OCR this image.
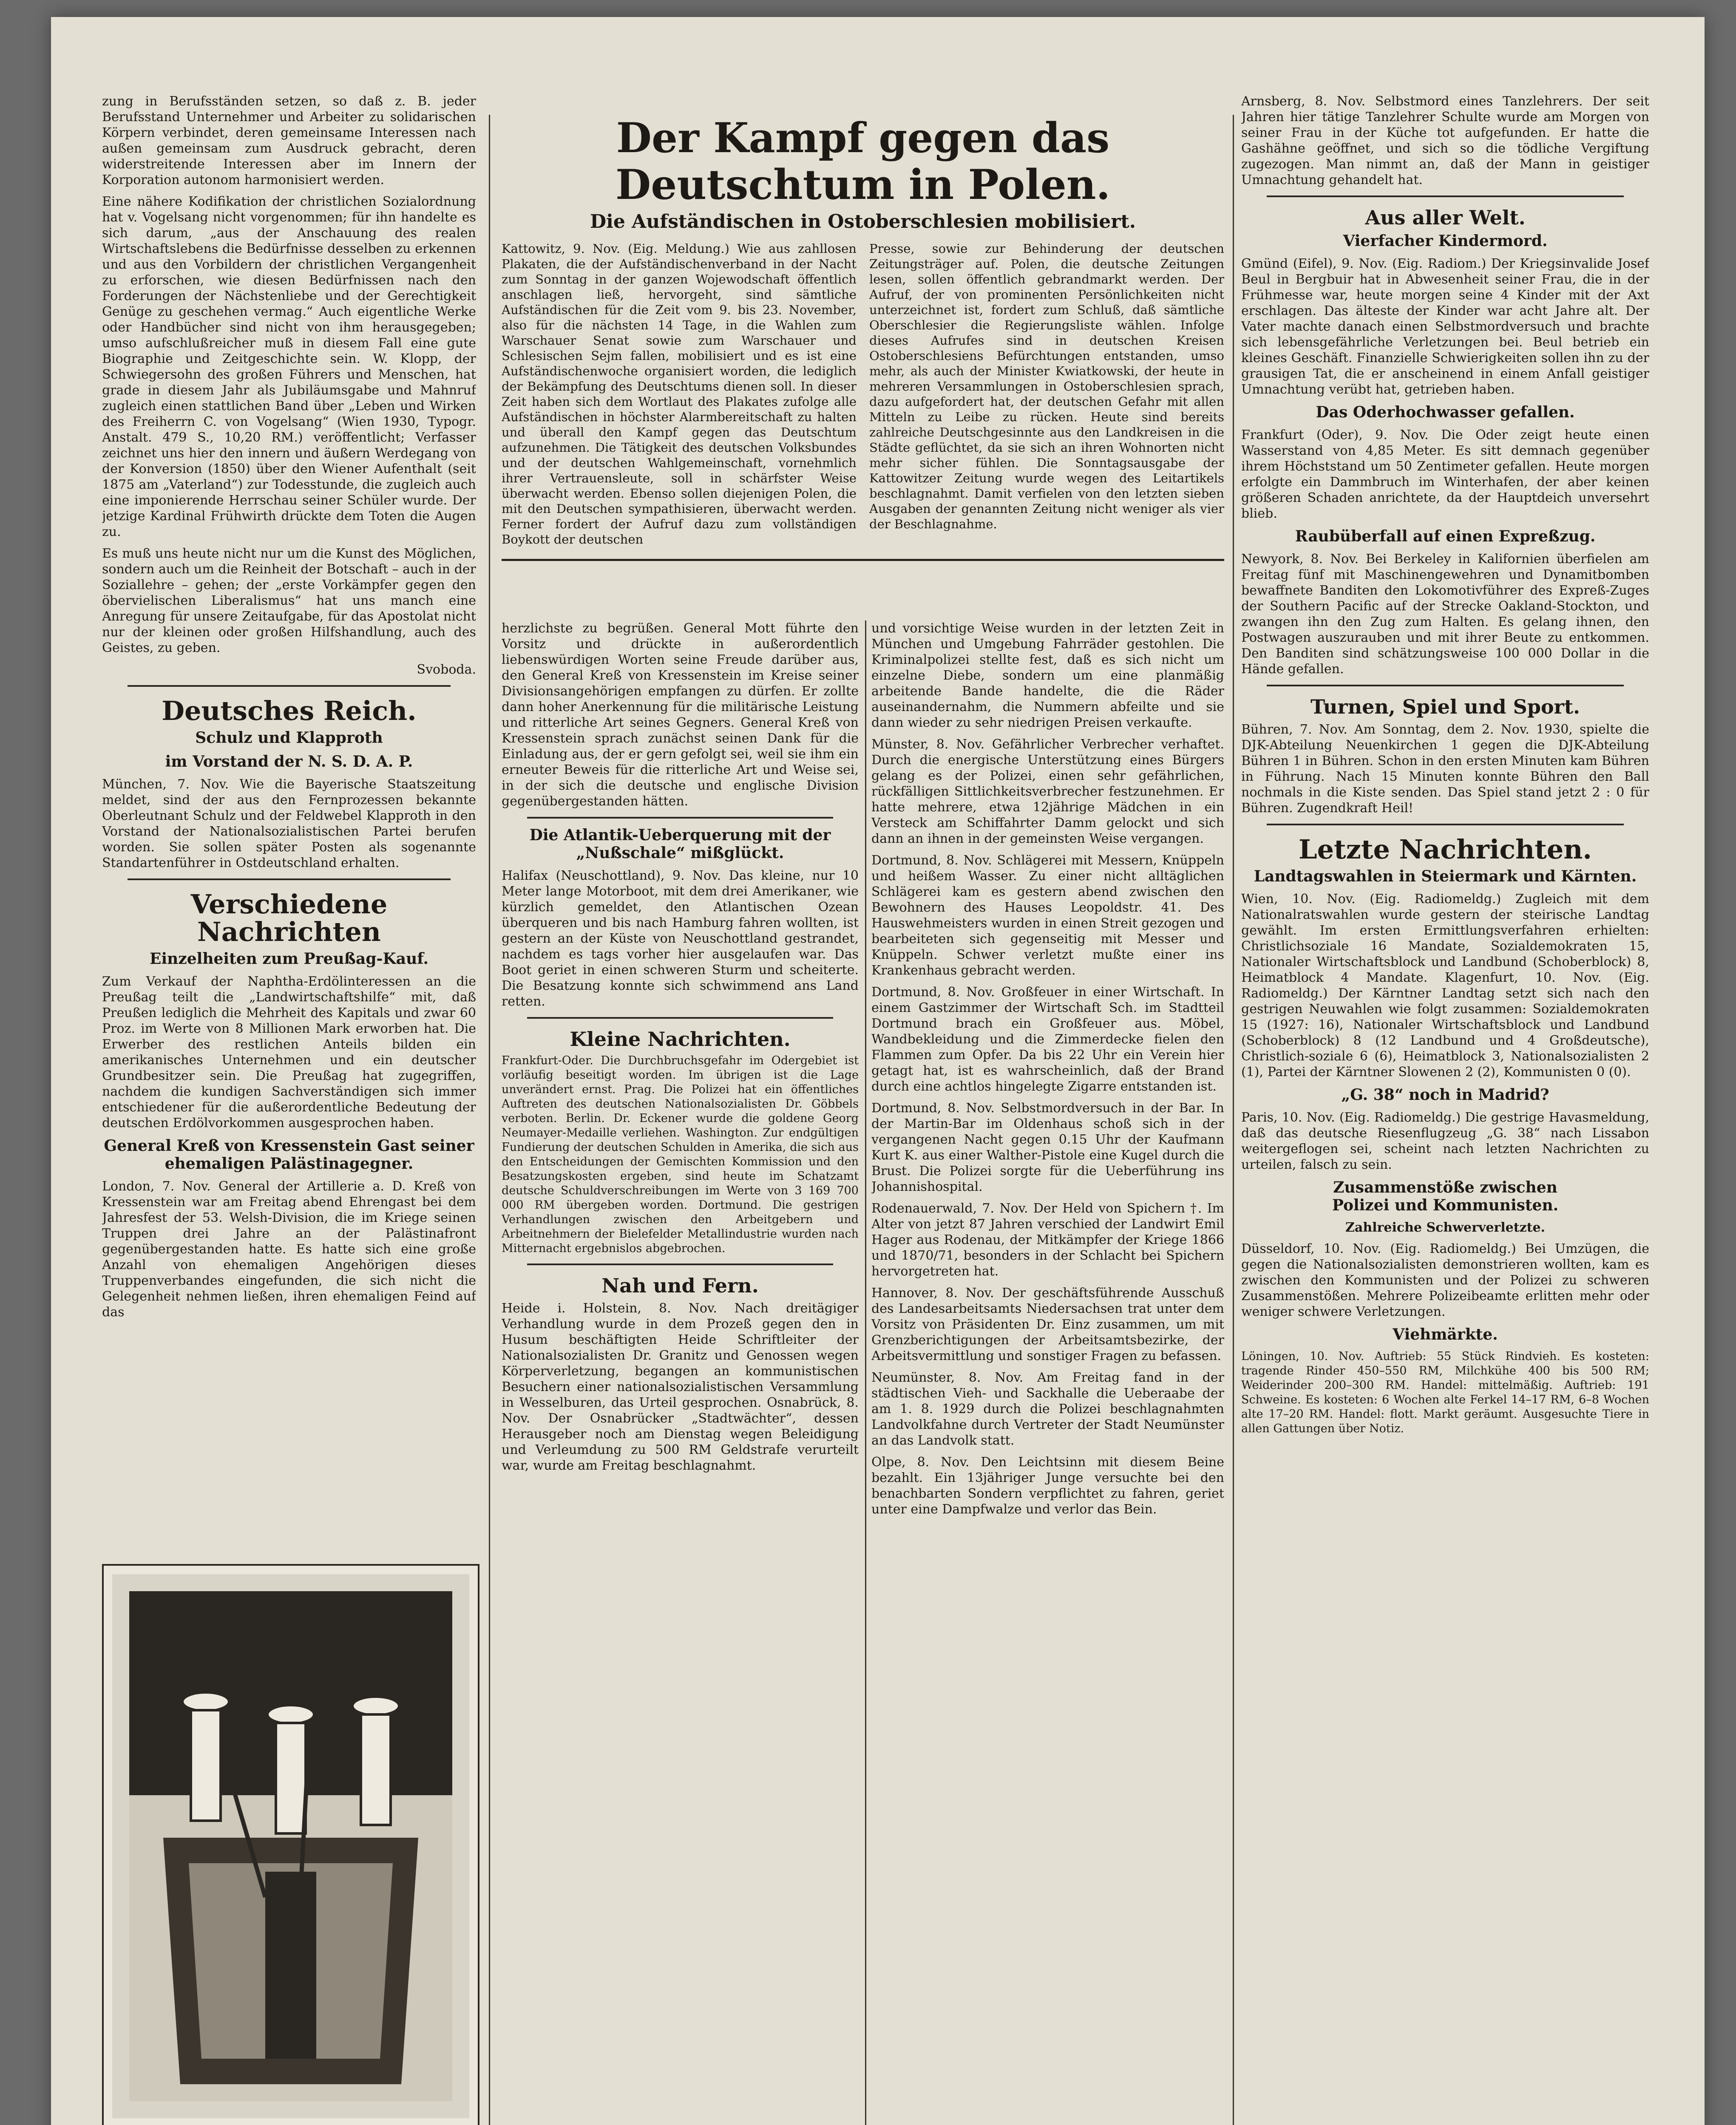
zung in Berufsständen setzen, so daß z. B. jeder Berufsstand Unternehmer und Arbeiter zu solidarischen Körpern verbindet, deren gemeinsame Interessen nach außen gemeinsam zum Ausdruck gebracht, deren widerstreitende Interessen aber im Innern der Korporation autonom harmonisiert werden.

Eine nähere Kodifikation der christlichen Sozialordnung hat v. Vogelsang nicht vorgenommen; für ihn handelte es sich darum, „aus der Anschauung des realen Wirtschaftslebens die Bedürfnisse desselben zu erkennen und aus den Vorbildern der christlichen Vergangenheit zu erforschen, wie diesen Bedürfnissen nach den Forderungen der Nächstenliebe und der Gerechtigkeit Genüge zu geschehen vermag.“ Auch eigentliche Werke oder Handbücher sind nicht von ihm herausgegeben; umso aufschlußreicher muß in diesem Fall eine gute Biographie und Zeitgeschichte sein. W. Klopp, der Schwiegersohn des großen Führers und Menschen, hat grade in diesem Jahr als Jubiläumsgabe und Mahnruf zugleich einen stattlichen Band über „Leben und Wirken des Freiherrn C. von Vogelsang“ (Wien 1930, Typogr. Anstalt. 479 S., 10,20 RM.) veröffentlicht; Verfasser zeichnet uns hier den innern und äußern Werdegang von der Konversion (1850) über den Wiener Aufenthalt (seit 1875 am „Vaterland“) zur Todesstunde, die zugleich auch eine imponierende Herrschau seiner Schüler wurde. Der jetzige Kardinal Frühwirth drückte dem Toten die Augen zu.

Es muß uns heute nicht nur um die Kunst des Möglichen, sondern auch um die Reinheit der Botschaft – auch in der Soziallehre – gehen; der „erste Vorkämpfer gegen den öbervielischen Liberalismus“ hat uns manch eine Anregung für unsere Zeitaufgabe, für das Apostolat nicht nur der kleinen oder großen Hilfshandlung, auch des Geistes, zu geben.

Svoboda.

Deutsches Reich.
Schulz und Klapproth
im Vorstand der N. S. D. A. P.

München, 7. Nov. Wie die Bayerische Staatszeitung meldet, sind der aus den Fernprozessen bekannte Oberleutnant Schulz und der Feldwebel Klapproth in den Vorstand der Nationalsozialistischen Partei berufen worden. Sie sollen später Posten als sogenannte Standartenführer in Ostdeutschland erhalten.

Verschiedene Nachrichten
Einzelheiten zum Preußag-Kauf.

Zum Verkauf der Naphtha-Erdölinteressen an die Preußag teilt die „Landwirtschaftshilfe“ mit, daß Preußen lediglich die Mehrheit des Kapitals und zwar 60 Proz. im Werte von 8 Millionen Mark erworben hat. Die Erwerber des restlichen Anteils bilden ein amerikanisches Unternehmen und ein deutscher Grundbesitzer sein. Die Preußag hat zugegriffen, nachdem die kundigen Sachverständigen sich immer entschiedener für die außerordentliche Bedeutung der deutschen Erdölvorkommen ausgesprochen haben.

General Kreß von Kressenstein Gast seiner ehemaligen Palästinagegner.

London, 7. Nov. General der Artillerie a. D. Kreß von Kressenstein war am Freitag abend Ehrengast bei dem Jahresfest der 53. Welsh-Division, die im Kriege seinen Truppen drei Jahre an der Palästinafront gegenübergestanden hatte. Es hatte sich eine große Anzahl von ehemaligen Angehörigen dieses Truppenverbandes eingefunden, die sich nicht die Gelegenheit nehmen ließen, ihren ehemaligen Feind auf das

Der Kampf gegen das Deutschtum in Polen.
Die Aufständischen in Ostoberschlesien mobilisiert.

Kattowitz, 9. Nov. (Eig. Meldung.) Wie aus zahllosen Plakaten, die der Aufständischenverband in der Nacht zum Sonntag in der ganzen Wojewodschaft öffentlich anschlagen ließ, hervorgeht, sind sämtliche Aufständischen für die Zeit vom 9. bis 23. November, also für die nächsten 14 Tage, in die Wahlen zum Warschauer Senat sowie zum Warschauer und Schlesischen Sejm fallen, mobilisiert und es ist eine Aufständischenwoche organisiert worden, die lediglich der Bekämpfung des Deutschtums dienen soll. In dieser Zeit haben sich dem Wortlaut des Plakates zufolge alle Aufständischen in höchster Alarmbereitschaft zu halten und überall den Kampf gegen das Deutschtum aufzunehmen. Die Tätigkeit des deutschen Volksbundes und der deutschen Wahlgemeinschaft, vornehmlich ihrer Vertrauensleute, soll in schärfster Weise überwacht werden. Ebenso sollen diejenigen Polen, die mit den Deutschen sympathisieren, überwacht werden. Ferner fordert der Aufruf dazu zum vollständigen Boykott der deutschen

Presse, sowie zur Behinderung der deutschen Zeitungsträger auf. Polen, die deutsche Zeitungen lesen, sollen öffentlich gebrandmarkt werden. Der Aufruf, der von prominenten Persönlichkeiten nicht unterzeichnet ist, fordert zum Schluß, daß sämtliche Oberschlesier die Regierungsliste wählen. Infolge dieses Aufrufes sind in deutschen Kreisen Ostoberschlesiens Befürchtungen entstanden, umso mehr, als auch der Minister Kwiatkowski, der heute in mehreren Versammlungen in Ostoberschlesien sprach, dazu aufgefordert hat, der deutschen Gefahr mit allen Mitteln zu Leibe zu rücken. Heute sind bereits zahlreiche Deutschgesinnte aus den Landkreisen in die Städte geflüchtet, da sie sich an ihren Wohnorten nicht mehr sicher fühlen. Die Sonntagsausgabe der Kattowitzer Zeitung wurde wegen des Leitartikels beschlagnahmt. Damit verfielen von den letzten sieben Ausgaben der genannten Zeitung nicht weniger als vier der Beschlagnahme.

herzlichste zu begrüßen. General Mott führte den Vorsitz und drückte in außerordentlich liebenswürdigen Worten seine Freude darüber aus, den General Kreß von Kressenstein im Kreise seiner Divisionsangehörigen empfangen zu dürfen. Er zollte dann hoher Anerkennung für die militärische Leistung und ritterliche Art seines Gegners. General Kreß von Kressenstein sprach zunächst seinen Dank für die Einladung aus, der er gern gefolgt sei, weil sie ihm ein erneuter Beweis für die ritterliche Art und Weise sei, in der sich die deutsche und englische Division gegenübergestanden hätten.

Die Atlantik-Ueberquerung mit der „Nußschale“ mißglückt.

Halifax (Neuschottland), 9. Nov. Das kleine, nur 10 Meter lange Motorboot, mit dem drei Amerikaner, wie kürzlich gemeldet, den Atlantischen Ozean überqueren und bis nach Hamburg fahren wollten, ist gestern an der Küste von Neuschottland gestrandet, nachdem es tags vorher hier ausgelaufen war. Das Boot geriet in einen schweren Sturm und scheiterte. Die Besatzung konnte sich schwimmend ans Land retten.

Kleine Nachrichten.

Frankfurt-Oder. Die Durchbruchsgefahr im Odergebiet ist vorläufig beseitigt worden. Im übrigen ist die Lage unverändert ernst. Prag. Die Polizei hat ein öffentliches Auftreten des deutschen Nationalsozialisten Dr. Göbbels verboten. Berlin. Dr. Eckener wurde die goldene Georg Neumayer-Medaille verliehen. Washington. Zur endgültigen Fundierung der deutschen Schulden in Amerika, die sich aus den Entscheidungen der Gemischten Kommission und den Besatzungskosten ergeben, sind heute im Schatzamt deutsche Schuldverschreibungen im Werte von 3 169 700 000 RM übergeben worden. Dortmund. Die gestrigen Verhandlungen zwischen den Arbeitgebern und Arbeitnehmern der Bielefelder Metallindustrie wurden nach Mitternacht ergebnislos abgebrochen.

Nah und Fern.

Heide i. Holstein, 8. Nov. Nach dreitägiger Verhandlung wurde in dem Prozeß gegen den in Husum beschäftigten Heide Schriftleiter der Nationalsozialisten Dr. Granitz und Genossen wegen Körperverletzung, begangen an kommunistischen Besuchern einer nationalsozialistischen Versammlung in Wesselburen, das Urteil gesprochen. Osnabrück, 8. Nov. Der Osnabrücker „Stadtwächter“, dessen Herausgeber noch am Dienstag wegen Beleidigung und Verleumdung zu 500 RM Geldstrafe verurteilt war, wurde am Freitag beschlagnahmt.

und vorsichtige Weise wurden in der letzten Zeit in München und Umgebung Fahrräder gestohlen. Die Kriminalpolizei stellte fest, daß es sich nicht um einzelne Diebe, sondern um eine planmäßig arbeitende Bande handelte, die die Räder auseinandernahm, die Nummern abfeilte und sie dann wieder zu sehr niedrigen Preisen verkaufte.

Münster, 8. Nov. Gefährlicher Verbrecher verhaftet. Durch die energische Unterstützung eines Bürgers gelang es der Polizei, einen sehr gefährlichen, rückfälligen Sittlichkeitsverbrecher festzunehmen. Er hatte mehrere, etwa 12jährige Mädchen in ein Versteck am Schiffahrter Damm gelockt und sich dann an ihnen in der gemeinsten Weise vergangen.

Dortmund, 8. Nov. Schlägerei mit Messern, Knüppeln und heißem Wasser. Zu einer nicht alltäglichen Schlägerei kam es gestern abend zwischen den Bewohnern des Hauses Leopoldstr. 41. Des Hauswehmeisters wurden in einen Streit gezogen und bearbeiteten sich gegenseitig mit Messer und Knüppeln. Schwer verletzt mußte einer ins Krankenhaus gebracht werden.

Dortmund, 8. Nov. Großfeuer in einer Wirtschaft. In einem Gastzimmer der Wirtschaft Sch. im Stadtteil Dortmund brach ein Großfeuer aus. Möbel, Wandbekleidung und die Zimmerdecke fielen den Flammen zum Opfer. Da bis 22 Uhr ein Verein hier getagt hat, ist es wahrscheinlich, daß der Brand durch eine achtlos hingelegte Zigarre entstanden ist.

Dortmund, 8. Nov. Selbstmordversuch in der Bar. In der Martin-Bar im Oldenhaus schoß sich in der vergangenen Nacht gegen 0.15 Uhr der Kaufmann Kurt K. aus einer Walther-Pistole eine Kugel durch die Brust. Die Polizei sorgte für die Ueberführung ins Johannishospital.

Rodenauerwald, 7. Nov. Der Held von Spichern †. Im Alter von jetzt 87 Jahren verschied der Landwirt Emil Hager aus Rodenau, der Mitkämpfer der Kriege 1866 und 1870/71, besonders in der Schlacht bei Spichern hervorgetreten hat.

Hannover, 8. Nov. Der geschäftsführende Ausschuß des Landesarbeitsamts Niedersachsen trat unter dem Vorsitz von Präsidenten Dr. Einz zusammen, um mit Grenzberichtigungen der Arbeitsamtsbezirke, der Arbeitsvermittlung und sonstiger Fragen zu befassen.

Neumünster, 8. Nov. Am Freitag fand in der städtischen Vieh- und Sackhalle die Ueberaabe der am 1. 8. 1929 durch die Polizei beschlagnahmten Landvolkfahne durch Vertreter der Stadt Neumünster an das Landvolk statt.

Olpe, 8. Nov. Den Leichtsinn mit diesem Beine bezahlt. Ein 13jähriger Junge versuchte bei den benachbarten Sondern verpflichtet zu fahren, geriet unter eine Dampfwalze und verlor das Bein.

Arnsberg, 8. Nov. Selbstmord eines Tanzlehrers. Der seit Jahren hier tätige Tanzlehrer Schulte wurde am Morgen von seiner Frau in der Küche tot aufgefunden. Er hatte die Gashähne geöffnet, und sich so die tödliche Vergiftung zugezogen. Man nimmt an, daß der Mann in geistiger Umnachtung gehandelt hat.

Aus aller Welt.
Vierfacher Kindermord.

Gmünd (Eifel), 9. Nov. (Eig. Radiom.) Der Kriegsinvalide Josef Beul in Bergbuir hat in Abwesenheit seiner Frau, die in der Frühmesse war, heute morgen seine 4 Kinder mit der Axt erschlagen. Das älteste der Kinder war acht Jahre alt. Der Vater machte danach einen Selbstmordversuch und brachte sich lebensgefährliche Verletzungen bei. Beul betrieb ein kleines Geschäft. Finanzielle Schwierigkeiten sollen ihn zu der grausigen Tat, die er anscheinend in einem Anfall geistiger Umnachtung verübt hat, getrieben haben.

Das Oderhochwasser gefallen.

Frankfurt (Oder), 9. Nov. Die Oder zeigt heute einen Wasserstand von 4,85 Meter. Es sitt demnach gegenüber ihrem Höchststand um 50 Zentimeter gefallen. Heute morgen erfolgte ein Dammbruch im Winterhafen, der aber keinen größeren Schaden anrichtete, da der Hauptdeich unversehrt blieb.

Raubüberfall auf einen Expreßzug.

Newyork, 8. Nov. Bei Berkeley in Kalifornien überfielen am Freitag fünf mit Maschinengewehren und Dynamitbomben bewaffnete Banditen den Lokomotivführer des Expreß-Zuges der Southern Pacific auf der Strecke Oakland-Stockton, und zwangen ihn den Zug zum Halten. Es gelang ihnen, den Postwagen auszurauben und mit ihrer Beute zu entkommen. Den Banditen sind schätzungsweise 100 000 Dollar in die Hände gefallen.

Turnen, Spiel und Sport.

Bühren, 7. Nov. Am Sonntag, dem 2. Nov. 1930, spielte die DJK-Abteilung Neuenkirchen 1 gegen die DJK-Abteilung Bühren 1 in Bühren. Schon in den ersten Minuten kam Bühren in Führung. Nach 15 Minuten konnte Bühren den Ball nochmals in die Kiste senden. Das Spiel stand jetzt 2 : 0 für Bühren. Zugendkraft Heil!

Letzte Nachrichten.
Landtagswahlen in Steiermark und Kärnten.

Wien, 10. Nov. (Eig. Radiomeldg.) Zugleich mit dem Nationalratswahlen wurde gestern der steirische Landtag gewählt. Im ersten Ermittlungsverfahren erhielten: Christlichsoziale 16 Mandate, Sozialdemokraten 15, Nationaler Wirtschaftsblock und Landbund (Schoberblock) 8, Heimatblock 4 Mandate. Klagenfurt, 10. Nov. (Eig. Radiomeldg.) Der Kärntner Landtag setzt sich nach den gestrigen Neuwahlen wie folgt zusammen: Sozialdemokraten 15 (1927: 16), Nationaler Wirtschaftsblock und Landbund (Schoberblock) 8 (12 Landbund und 4 Großdeutsche), Christlich-soziale 6 (6), Heimatblock 3, Nationalsozialisten 2 (1), Partei der Kärntner Slowenen 2 (2), Kommunisten 0 (0).

„G. 38“ noch in Madrid?

Paris, 10. Nov. (Eig. Radiomeldg.) Die gestrige Havasmeldung, daß das deutsche Riesenflugzeug „G. 38“ nach Lissabon weitergeflogen sei, scheint nach letzten Nachrichten zu urteilen, falsch zu sein.

Zusammenstöße zwischen
Polizei und Kommunisten.
Zahlreiche Schwerverletzte.

Düsseldorf, 10. Nov. (Eig. Radiomeldg.) Bei Umzügen, die gegen die Nationalsozialisten demonstrieren wollten, kam es zwischen den Kommunisten und der Polizei zu schweren Zusammenstößen. Mehrere Polizeibeamte erlitten mehr oder weniger schwere Verletzungen.

Viehmärkte.

Löningen, 10. Nov. Auftrieb: 55 Stück Rindvieh. Es kosteten: tragende Rinder 450–550 RM, Milchkühe 400 bis 500 RM; Weiderinder 200–300 RM. Handel: mittelmäßig. Auftrieb: 191 Schweine. Es kosteten: 6 Wochen alte Ferkel 14–17 RM, 6–8 Wochen alte 17–20 RM. Handel: flott. Markt geräumt. Ausgesuchte Tiere in allen Gattungen über Notiz.
